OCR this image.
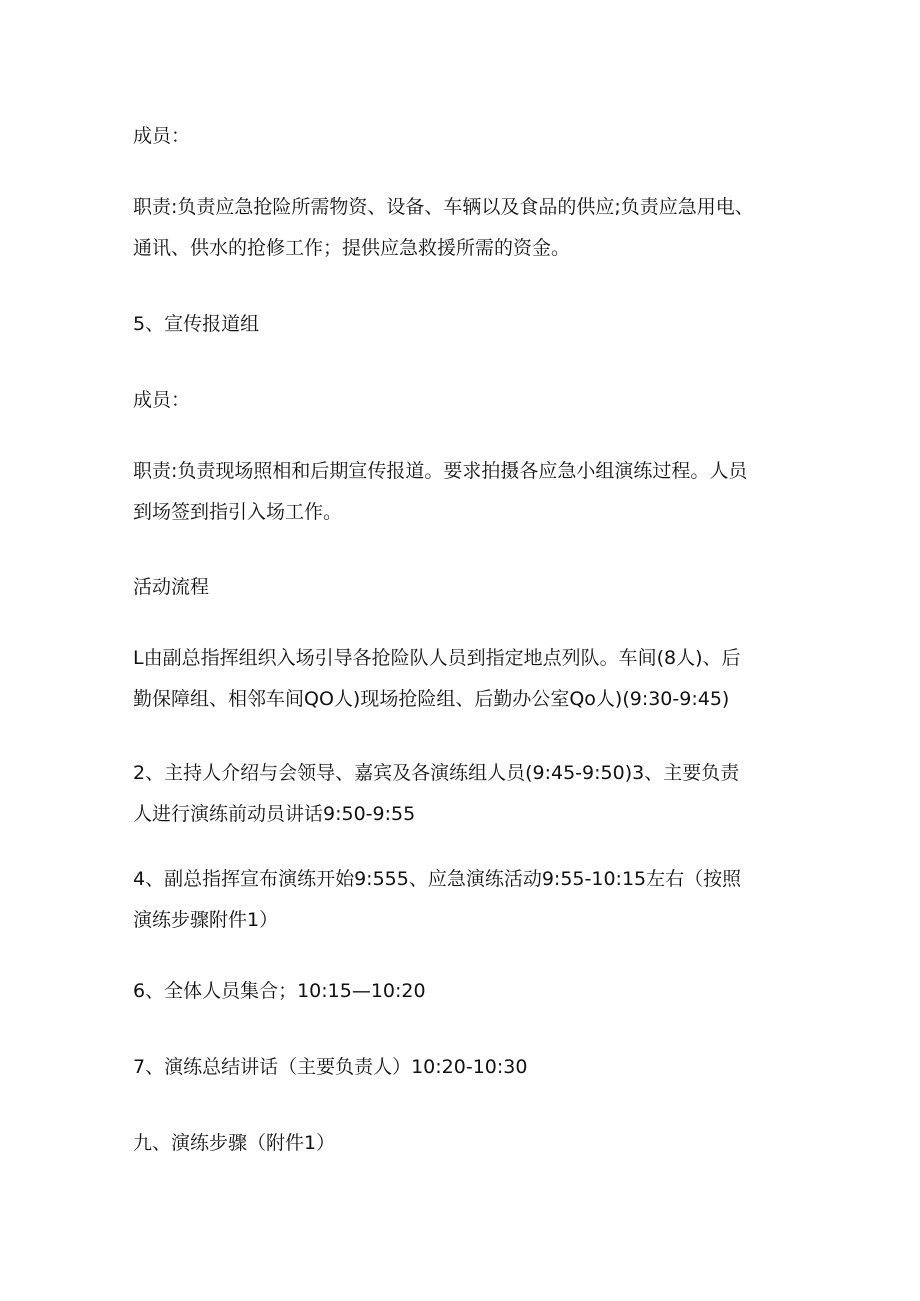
成员：

职责:负责应急抢险所需物资、设备、车辆以及食品的供应;负责应急用电、
通讯、供水的抢修工作；提供应急救援所需的资金。

5、宣传报道组

成员：

职责:负责现场照相和后期宣传报道。要求拍摄各应急小组演练过程。人员
到场签到指引入场工作。

活动流程

L由副总指挥组织入场引导各抢险队人员到指定地点列队。车间(8人)、后
勤保障组、相邻车间QO人)现场抢险组、后勤办公室Qo人)(9:30-9:45)

2、主持人介绍与会领导、嘉宾及各演练组人员(9:45-9:50)3、主要负责
人进行演练前动员讲话9:50-9:55

4、副总指挥宣布演练开始9:555、应急演练活动9:55-10:15左右（按照
演练步骤附件1）

6、全体人员集合；10:15—10:20

7、演练总结讲话（主要负责人）10:20-10:30

九、演练步骤（附件1）
